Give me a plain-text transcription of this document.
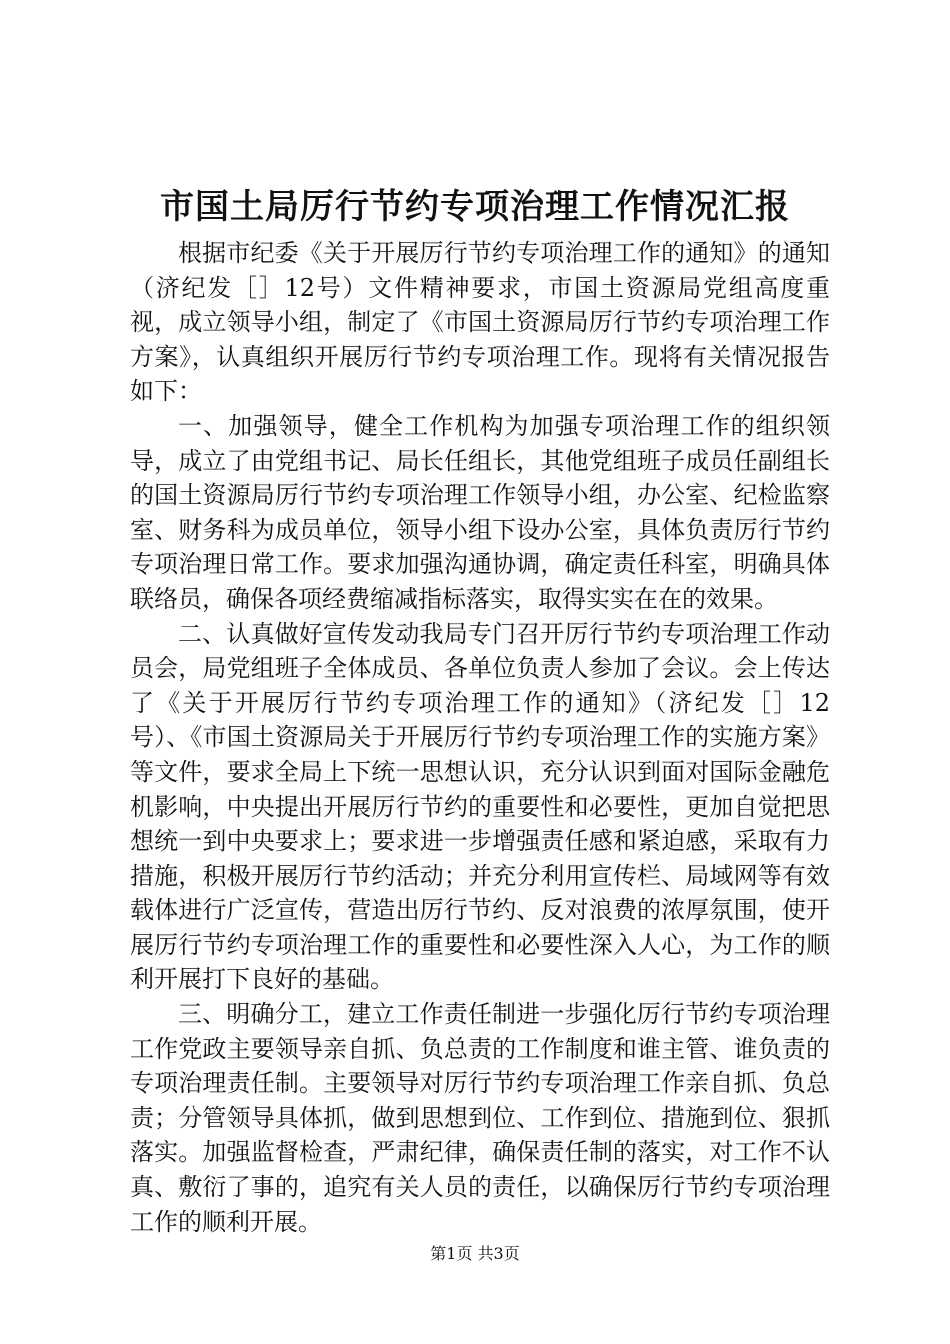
市国土局厉行节约专项治理工作情况汇报

根据市纪委《关于开展厉行节约专项治理工作的通知》的通知（济纪发［］12号）文件精神要求，市国土资源局党组高度重视，成立领导小组，制定了《市国土资源局厉行节约专项治理工作方案》，认真组织开展厉行节约专项治理工作。现将有关情况报告如下：

一、加强领导，健全工作机构为加强专项治理工作的组织领导，成立了由党组书记、局长任组长，其他党组班子成员任副组长的国土资源局厉行节约专项治理工作领导小组，办公室、纪检监察室、财务科为成员单位，领导小组下设办公室，具体负责厉行节约专项治理日常工作。要求加强沟通协调，确定责任科室，明确具体联络员，确保各项经费缩减指标落实，取得实实在在的效果。

二、认真做好宣传发动我局专门召开厉行节约专项治理工作动员会，局党组班子全体成员、各单位负责人参加了会议。会上传达了《关于开展厉行节约专项治理工作的通知》（济纪发［］12号）、《市国土资源局关于开展厉行节约专项治理工作的实施方案》等文件，要求全局上下统一思想认识，充分认识到面对国际金融危机影响，中央提出开展厉行节约的重要性和必要性，更加自觉把思想统一到中央要求上；要求进一步增强责任感和紧迫感，采取有力措施，积极开展厉行节约活动；并充分利用宣传栏、局域网等有效载体进行广泛宣传，营造出厉行节约、反对浪费的浓厚氛围，使开展厉行节约专项治理工作的重要性和必要性深入人心，为工作的顺利开展打下良好的基础。

三、明确分工，建立工作责任制进一步强化厉行节约专项治理工作党政主要领导亲自抓、负总责的工作制度和谁主管、谁负责的专项治理责任制。主要领导对厉行节约专项治理工作亲自抓、负总责；分管领导具体抓，做到思想到位、工作到位、措施到位、狠抓落实。加强监督检查，严肃纪律，确保责任制的落实，对工作不认真、敷衍了事的，追究有关人员的责任，以确保厉行节约专项治理工作的顺利开展。

第1页 共3页
